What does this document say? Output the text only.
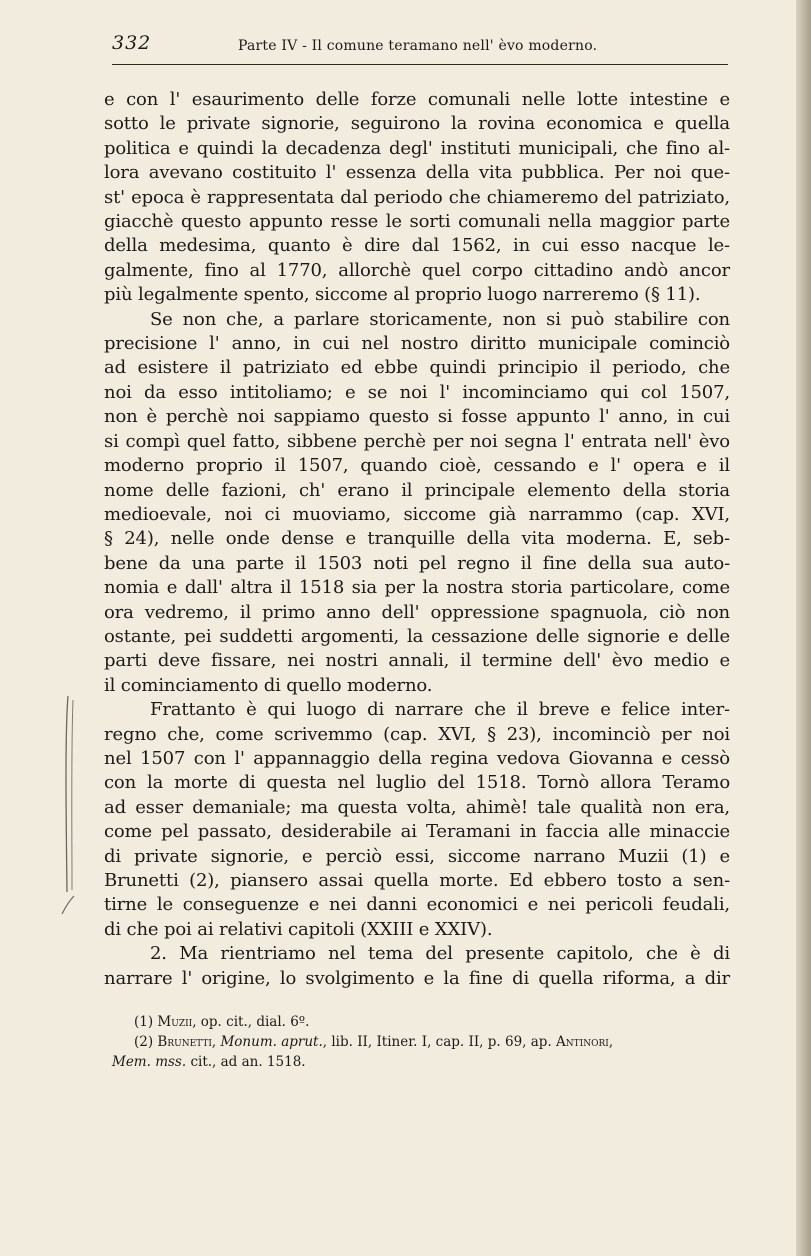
332	Parte IV - Il comune teramano nell' èvo moderno.
e con l' esaurimento delle forze comunali nelle lotte intestine e
sotto le private signorie, seguirono la rovina economica e quella
politica e quindi la decadenza degl' instituti municipali, che fino al-
lora avevano costituito l' essenza della vita pubblica. Per noi que-
st' epoca è rappresentata dal periodo che chiameremo del patriziato,
giacchè questo appunto resse le sorti comunali nella maggior parte
della medesima, quanto è dire dal 1562, in cui esso nacque le-
galmente, fino al 1770, allorchè quel corpo cittadino andò ancor
più legalmente spento, siccome al proprio luogo narreremo (§ 11).
Se non che, a parlare storicamente, non si può stabilire con
precisione l' anno, in cui nel nostro diritto municipale cominciò
ad esistere il patriziato ed ebbe quindi principio il periodo, che
noi da esso intitoliamo; e se noi l' incominciamo qui col 1507,
non è perchè noi sappiamo questo si fosse appunto l' anno, in cui
si compì quel fatto, sibbene perchè per noi segna l' entrata nell' èvo
moderno proprio il 1507, quando cioè, cessando e l' opera e il
nome delle fazioni, ch' erano il principale elemento della storia
medioevale, noi ci muoviamo, siccome già narrammo (cap. XVI,
§ 24), nelle onde dense e tranquille della vita moderna. E, seb-
bene da una parte il 1503 noti pel regno il fine della sua auto-
nomia e dall' altra il 1518 sia per la nostra storia particolare, come
ora vedremo, il primo anno dell' oppressione spagnuola, ciò non
ostante, pei suddetti argomenti, la cessazione delle signorie e delle
parti deve fissare, nei nostri annali, il termine dell' èvo medio e
il cominciamento di quello moderno.
Frattanto è qui luogo di narrare che il breve e felice inter-
regno che, come scrivemmo (cap. XVI, § 23), incominciò per noi
nel 1507 con l' appannaggio della regina vedova Giovanna e cessò
con la morte di questa nel luglio del 1518. Tornò allora Teramo
ad esser demaniale; ma questa volta, ahimè! tale qualità non era,
come pel passato, desiderabile ai Teramani in faccia alle minaccie
di private signorie, e perciò essi, siccome narrano Muzii (1) e
Brunetti (2), piansero assai quella morte. Ed ebbero tosto a sen-
tirne le conseguenze e nei danni economici e nei pericoli feudali,
di che poi ai relativi capitoli (XXIII e XXIV).
2. Ma rientriamo nel tema del presente capitolo, che è di
narrare l' origine, lo svolgimento e la fine di quella riforma, a dir
(1) Muzii, op. cit., dial. 6º.
(2) Brunetti, Monum. aprut., lib. II, Itiner. I, cap. II, p. 69, ap. Antinori,
Mem. mss. cit., ad an. 1518.
